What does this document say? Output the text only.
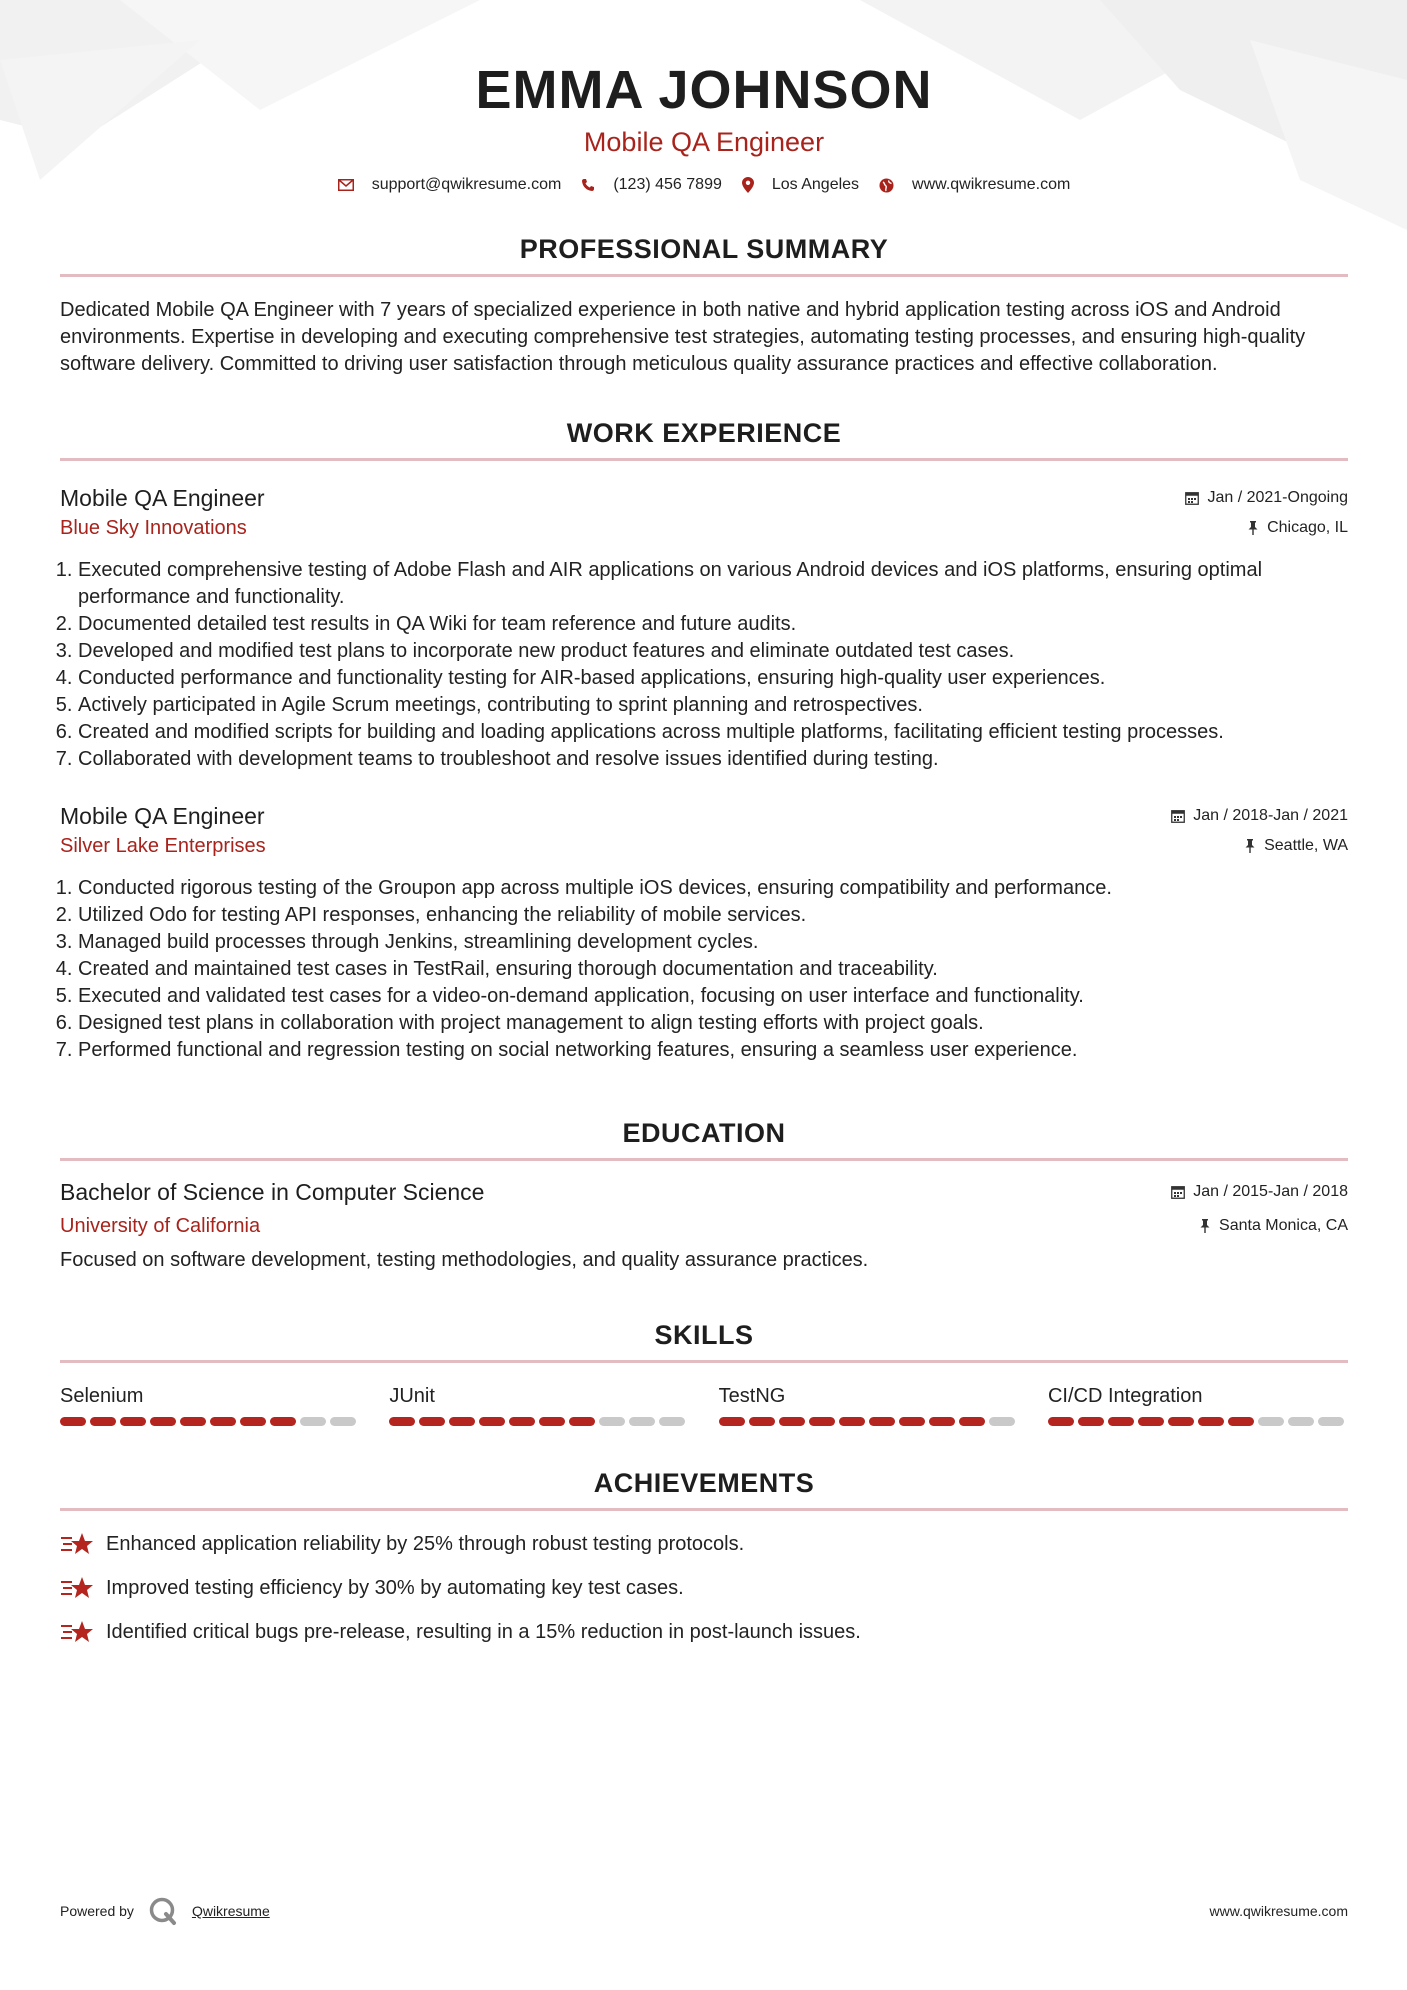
EMMA JOHNSON
Mobile QA Engineer
support@qwikresume.com	(123) 456 7899	Los Angeles	www.qwikresume.com
PROFESSIONAL SUMMARY
Dedicated Mobile QA Engineer with 7 years of specialized experience in both native and hybrid application testing across iOS and Android environments. Expertise in developing and executing comprehensive test strategies, automating testing processes, and ensuring high-quality software delivery. Committed to driving user satisfaction through meticulous quality assurance practices and effective collaboration.
WORK EXPERIENCE
Mobile QA Engineer	Jan / 2021-Ongoing
Blue Sky Innovations	Chicago, IL
1. Executed comprehensive testing of Adobe Flash and AIR applications on various Android devices and iOS platforms, ensuring optimal performance and functionality.
2. Documented detailed test results in QA Wiki for team reference and future audits.
3. Developed and modified test plans to incorporate new product features and eliminate outdated test cases.
4. Conducted performance and functionality testing for AIR-based applications, ensuring high-quality user experiences.
5. Actively participated in Agile Scrum meetings, contributing to sprint planning and retrospectives.
6. Created and modified scripts for building and loading applications across multiple platforms, facilitating efficient testing processes.
7. Collaborated with development teams to troubleshoot and resolve issues identified during testing.
Mobile QA Engineer	Jan / 2018-Jan / 2021
Silver Lake Enterprises	Seattle, WA
1. Conducted rigorous testing of the Groupon app across multiple iOS devices, ensuring compatibility and performance.
2. Utilized Odo for testing API responses, enhancing the reliability of mobile services.
3. Managed build processes through Jenkins, streamlining development cycles.
4. Created and maintained test cases in TestRail, ensuring thorough documentation and traceability.
5. Executed and validated test cases for a video-on-demand application, focusing on user interface and functionality.
6. Designed test plans in collaboration with project management to align testing efforts with project goals.
7. Performed functional and regression testing on social networking features, ensuring a seamless user experience.
EDUCATION
Bachelor of Science in Computer Science	Jan / 2015-Jan / 2018
University of California	Santa Monica, CA
Focused on software development, testing methodologies, and quality assurance practices.
SKILLS
Selenium	JUnit	TestNG	CI/CD Integration
ACHIEVEMENTS
Enhanced application reliability by 25% through robust testing protocols.
Improved testing efficiency by 30% by automating key test cases.
Identified critical bugs pre-release, resulting in a 15% reduction in post-launch issues.
Powered by	Qwikresume	www.qwikresume.com
